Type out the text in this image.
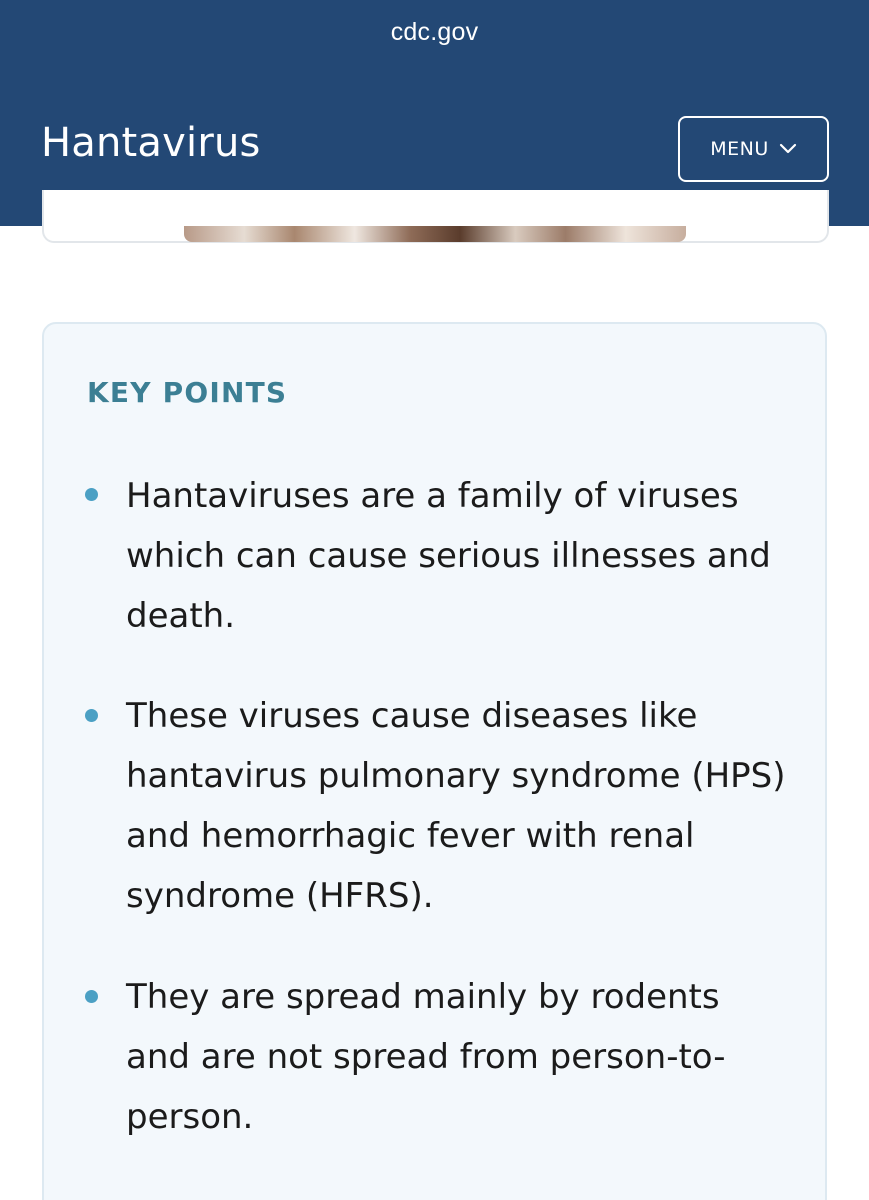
cdc.gov
Hantavirus	MENU
KEY POINTS
Hantaviruses are a family of viruses which can cause serious illnesses and death.
These viruses cause diseases like hantavirus pulmonary syndrome (HPS) and hemorrhagic fever with renal syndrome (HFRS).
They are spread mainly by rodents and are not spread from person-to-person.
